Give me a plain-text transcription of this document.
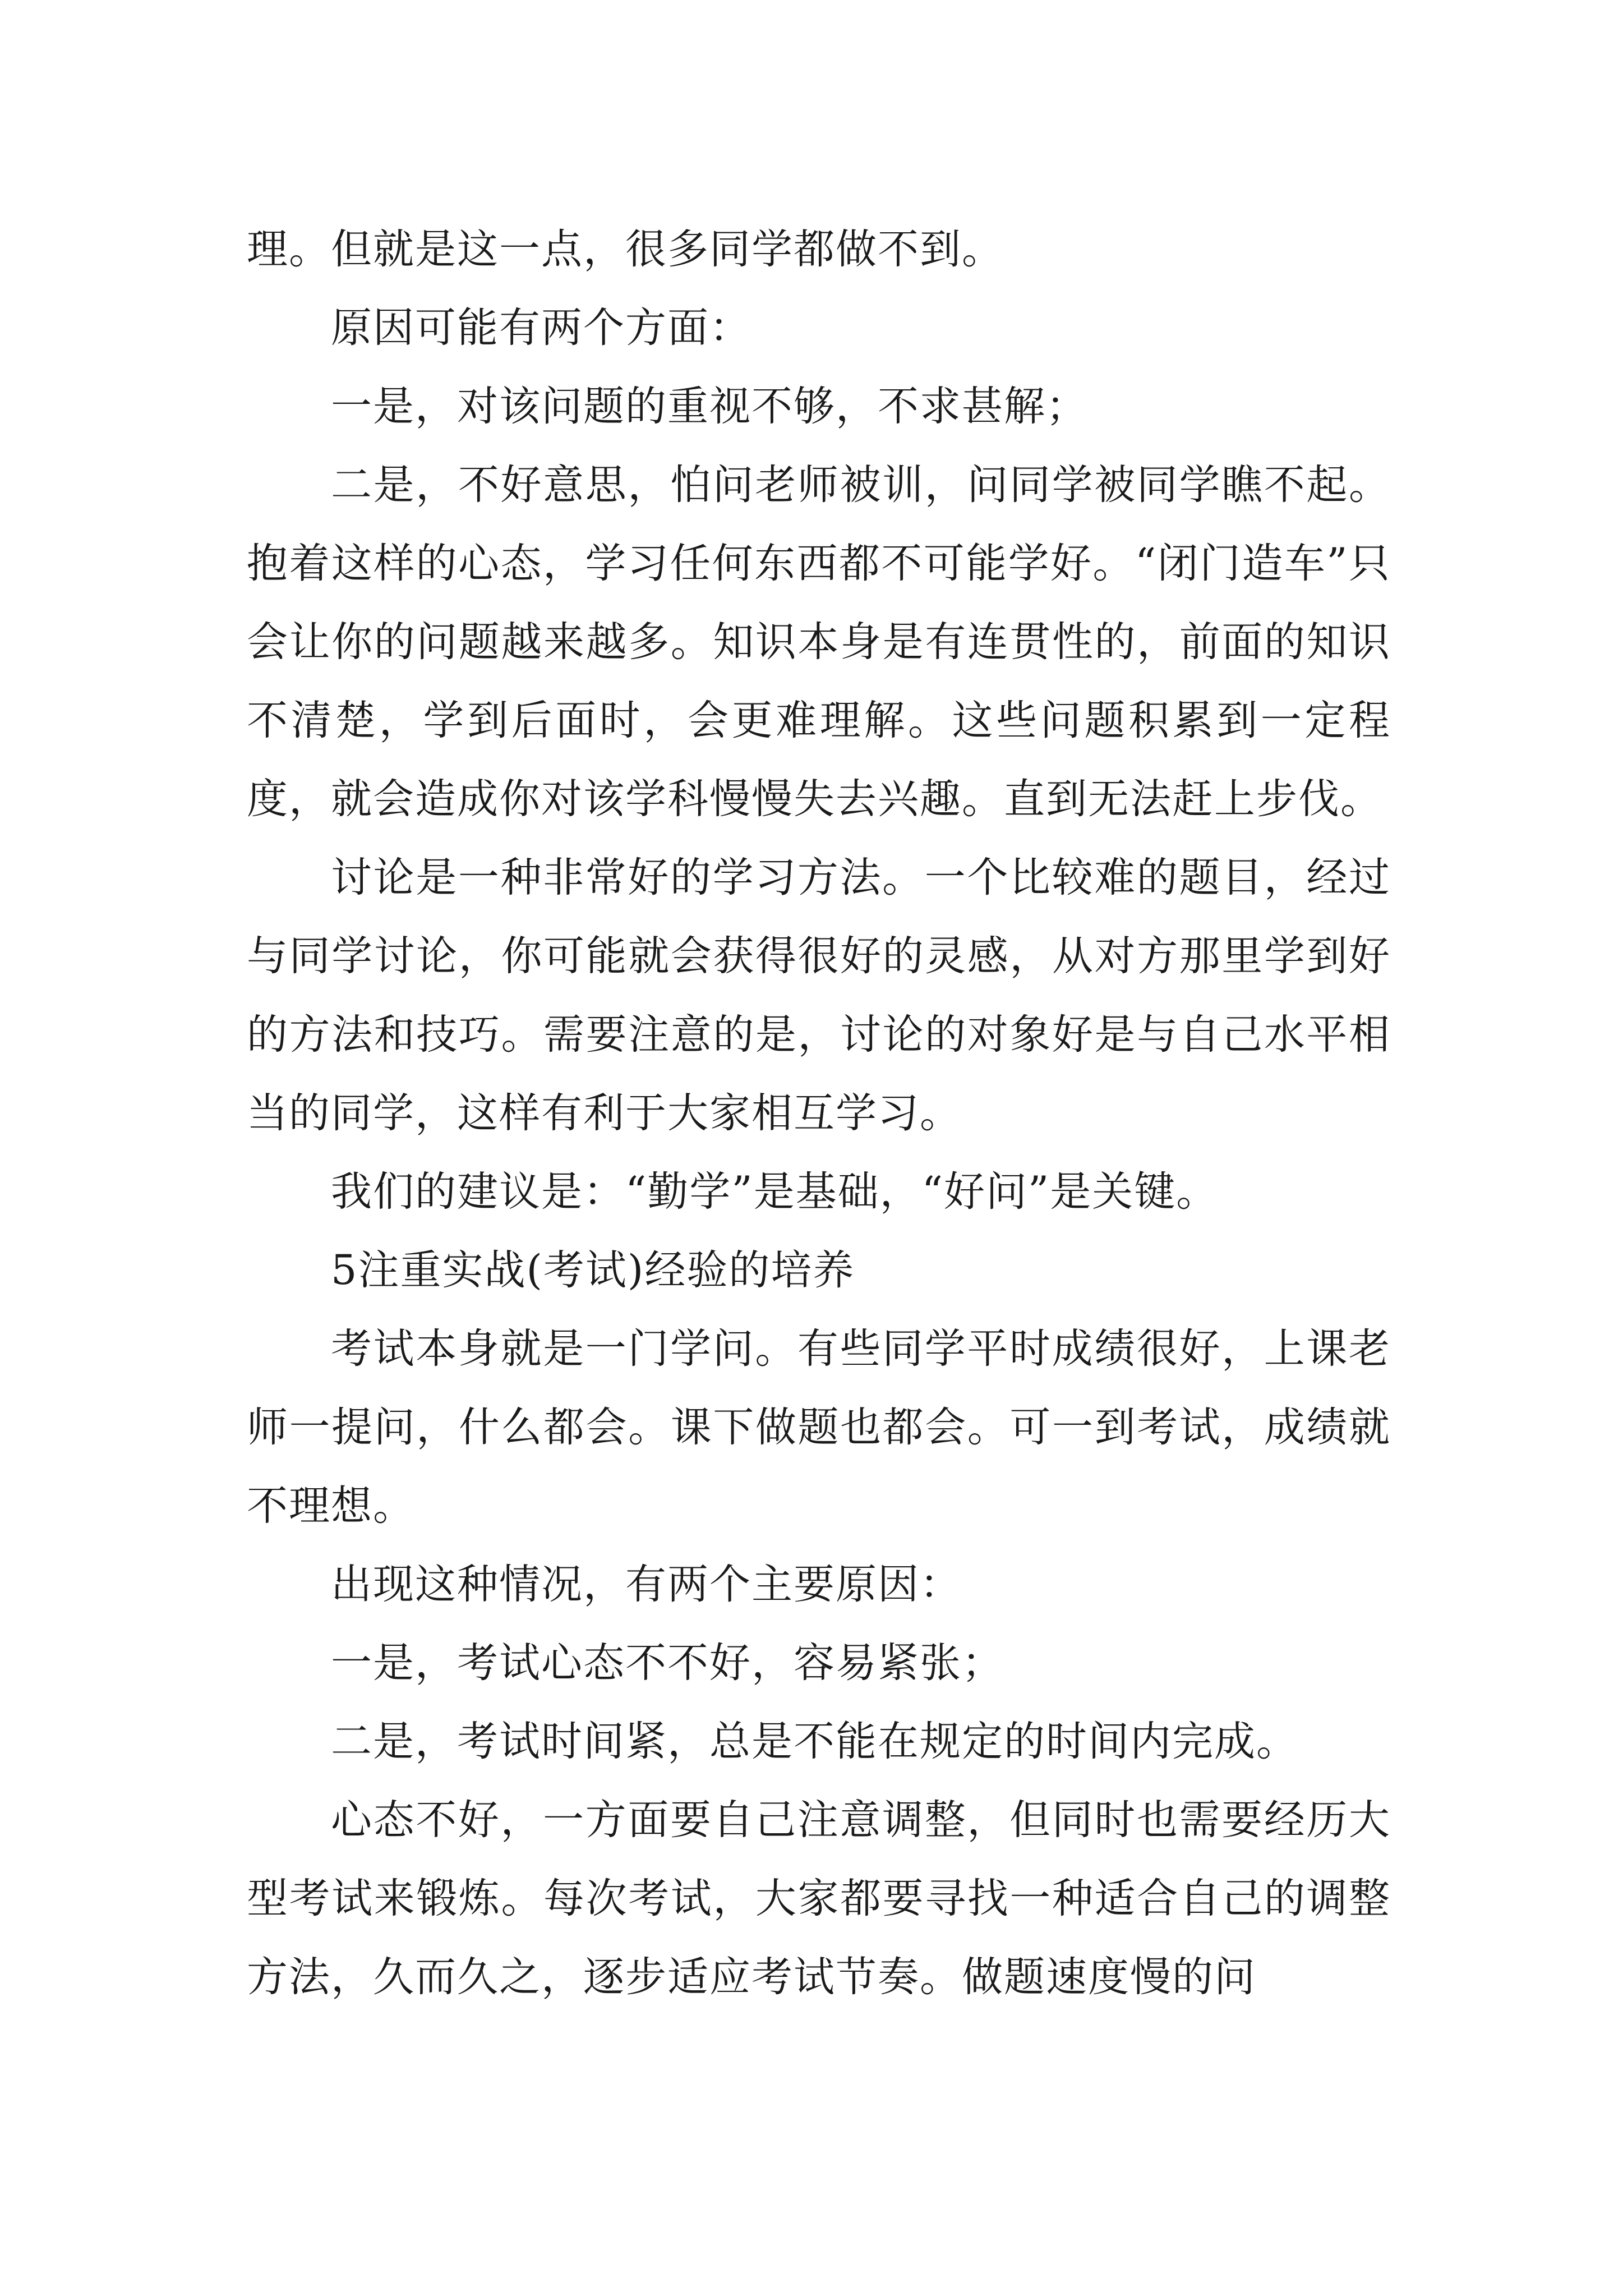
理。但就是这一点，很多同学都做不到。

原因可能有两个方面：

一是，对该问题的重视不够，不求甚解；

二是，不好意思，怕问老师被训，问同学被同学瞧不起。抱着这样的心态，学习任何东西都不可能学好。“闭门造车”只会让你的问题越来越多。知识本身是有连贯性的，前面的知识不清楚，学到后面时，会更难理解。这些问题积累到一定程度，就会造成你对该学科慢慢失去兴趣。直到无法赶上步伐。

讨论是一种非常好的学习方法。一个比较难的题目，经过与同学讨论，你可能就会获得很好的灵感，从对方那里学到好的方法和技巧。需要注意的是，讨论的对象好是与自己水平相当的同学，这样有利于大家相互学习。

我们的建议是：“勤学”是基础，“好问”是关键。

5注重实战(考试)经验的培养

考试本身就是一门学问。有些同学平时成绩很好，上课老师一提问，什么都会。课下做题也都会。可一到考试，成绩就不理想。

出现这种情况，有两个主要原因：

一是，考试心态不不好，容易紧张；

二是，考试时间紧，总是不能在规定的时间内完成。

心态不好，一方面要自己注意调整，但同时也需要经历大型考试来锻炼。每次考试，大家都要寻找一种适合自己的调整方法，久而久之，逐步适应考试节奏。做题速度慢的问
